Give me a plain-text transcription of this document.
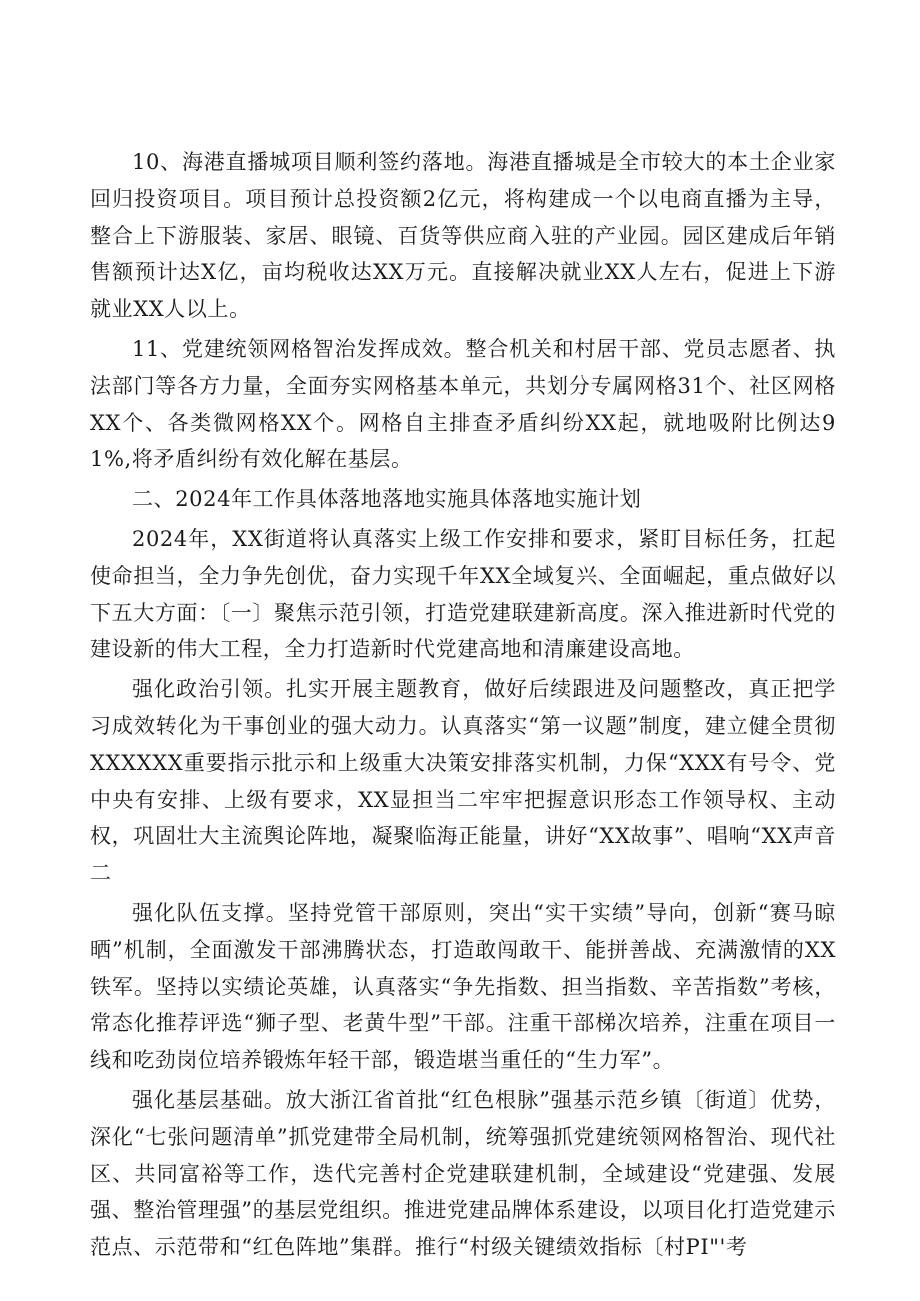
10、海港直播城项目顺利签约落地。海港直播城是全市较大的本土企业家回归投资项目。项目预计总投资额2亿元，将构建成一个以电商直播为主导，整合上下游服装、家居、眼镜、百货等供应商入驻的产业园。园区建成后年销售额预计达X亿，亩均税收达XX万元。直接解决就业XX人左右，促进上下游就业XX人以上。

11、党建统领网格智治发挥成效。整合机关和村居干部、党员志愿者、执法部门等各方力量，全面夯实网格基本单元，共划分专属网格31个、社区网格XX个、各类微网格XX个。网格自主排查矛盾纠纷XX起，就地吸附比例达91%,将矛盾纠纷有效化解在基层。

二、2024年工作具体落地落地实施具体落地实施计划

2024年，XX街道将认真落实上级工作安排和要求，紧盯目标任务，扛起使命担当，全力争先创优，奋力实现千年XX全域复兴、全面崛起，重点做好以下五大方面：〔一〕聚焦示范引领，打造党建联建新高度。深入推进新时代党的建设新的伟大工程，全力打造新时代党建高地和清廉建设高地。

强化政治引领。扎实开展主题教育，做好后续跟进及问题整改，真正把学习成效转化为干事创业的强大动力。认真落实“第一议题”制度，建立健全贯彻XXXXXX重要指示批示和上级重大决策安排落实机制，力保“XXX有号令、党中央有安排、上级有要求，XX显担当二牢牢把握意识形态工作领导权、主动权，巩固壮大主流舆论阵地，凝聚临海正能量，讲好“XX故事”、唱响“XX声音二

强化队伍支撑。坚持党管干部原则，突出“实干实绩”导向，创新“赛马晾晒”机制，全面激发干部沸腾状态，打造敢闯敢干、能拼善战、充满激情的XX铁军。坚持以实绩论英雄，认真落实“争先指数、担当指数、辛苦指数”考核，常态化推荐评选“狮子型、老黄牛型”干部。注重干部梯次培养，注重在项目一线和吃劲岗位培养锻炼年轻干部，锻造堪当重任的“生力军”。

强化基层基础。放大浙江省首批“红色根脉”强基示范乡镇〔街道〕优势，深化“七张问题清单”抓党建带全局机制，统筹强抓党建统领网格智治、现代社区、共同富裕等工作，迭代完善村企党建联建机制，全域建设“党建强、发展强、整治管理强”的基层党组织。推进党建品牌体系建设，以项目化打造党建示范点、示范带和“红色阵地”集群。推行“村级关键绩效指标〔村PI"'考
